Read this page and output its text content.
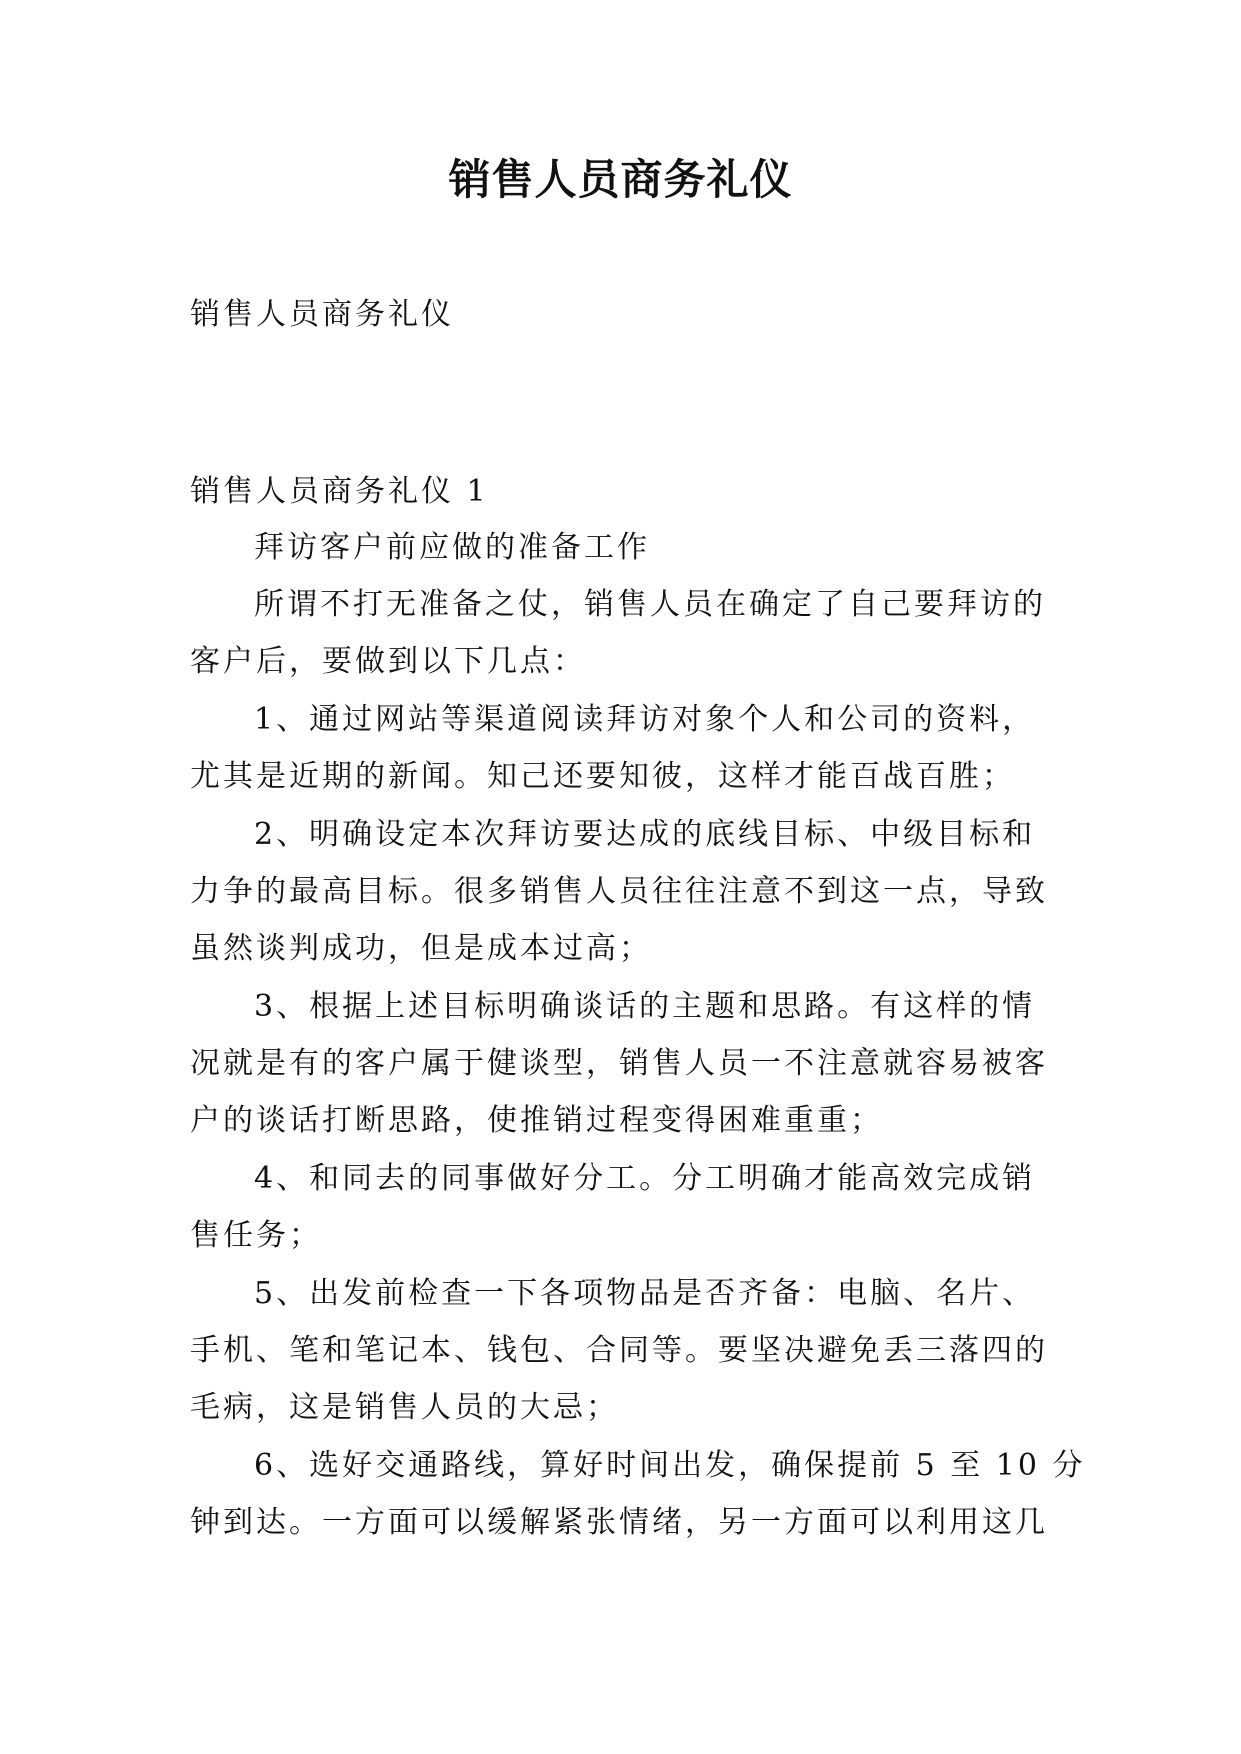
销售人员商务礼仪
销售人员商务礼仪
销售人员商务礼仪 1
拜访客户前应做的准备工作
所谓不打无准备之仗，销售人员在确定了自己要拜访的
客户后，要做到以下几点：
1、通过网站等渠道阅读拜访对象个人和公司的资料，
尤其是近期的新闻。知己还要知彼，这样才能百战百胜；
2、明确设定本次拜访要达成的底线目标、中级目标和
力争的最高目标。很多销售人员往往注意不到这一点，导致
虽然谈判成功，但是成本过高；
3、根据上述目标明确谈话的主题和思路。有这样的情
况就是有的客户属于健谈型，销售人员一不注意就容易被客
户的谈话打断思路，使推销过程变得困难重重；
4、和同去的同事做好分工。分工明确才能高效完成销
售任务；
5、出发前检查一下各项物品是否齐备：电脑、名片、
手机、笔和笔记本、钱包、合同等。要坚决避免丢三落四的
毛病，这是销售人员的大忌；
6、选好交通路线，算好时间出发，确保提前 5 至 10 分
钟到达。一方面可以缓解紧张情绪，另一方面可以利用这几
